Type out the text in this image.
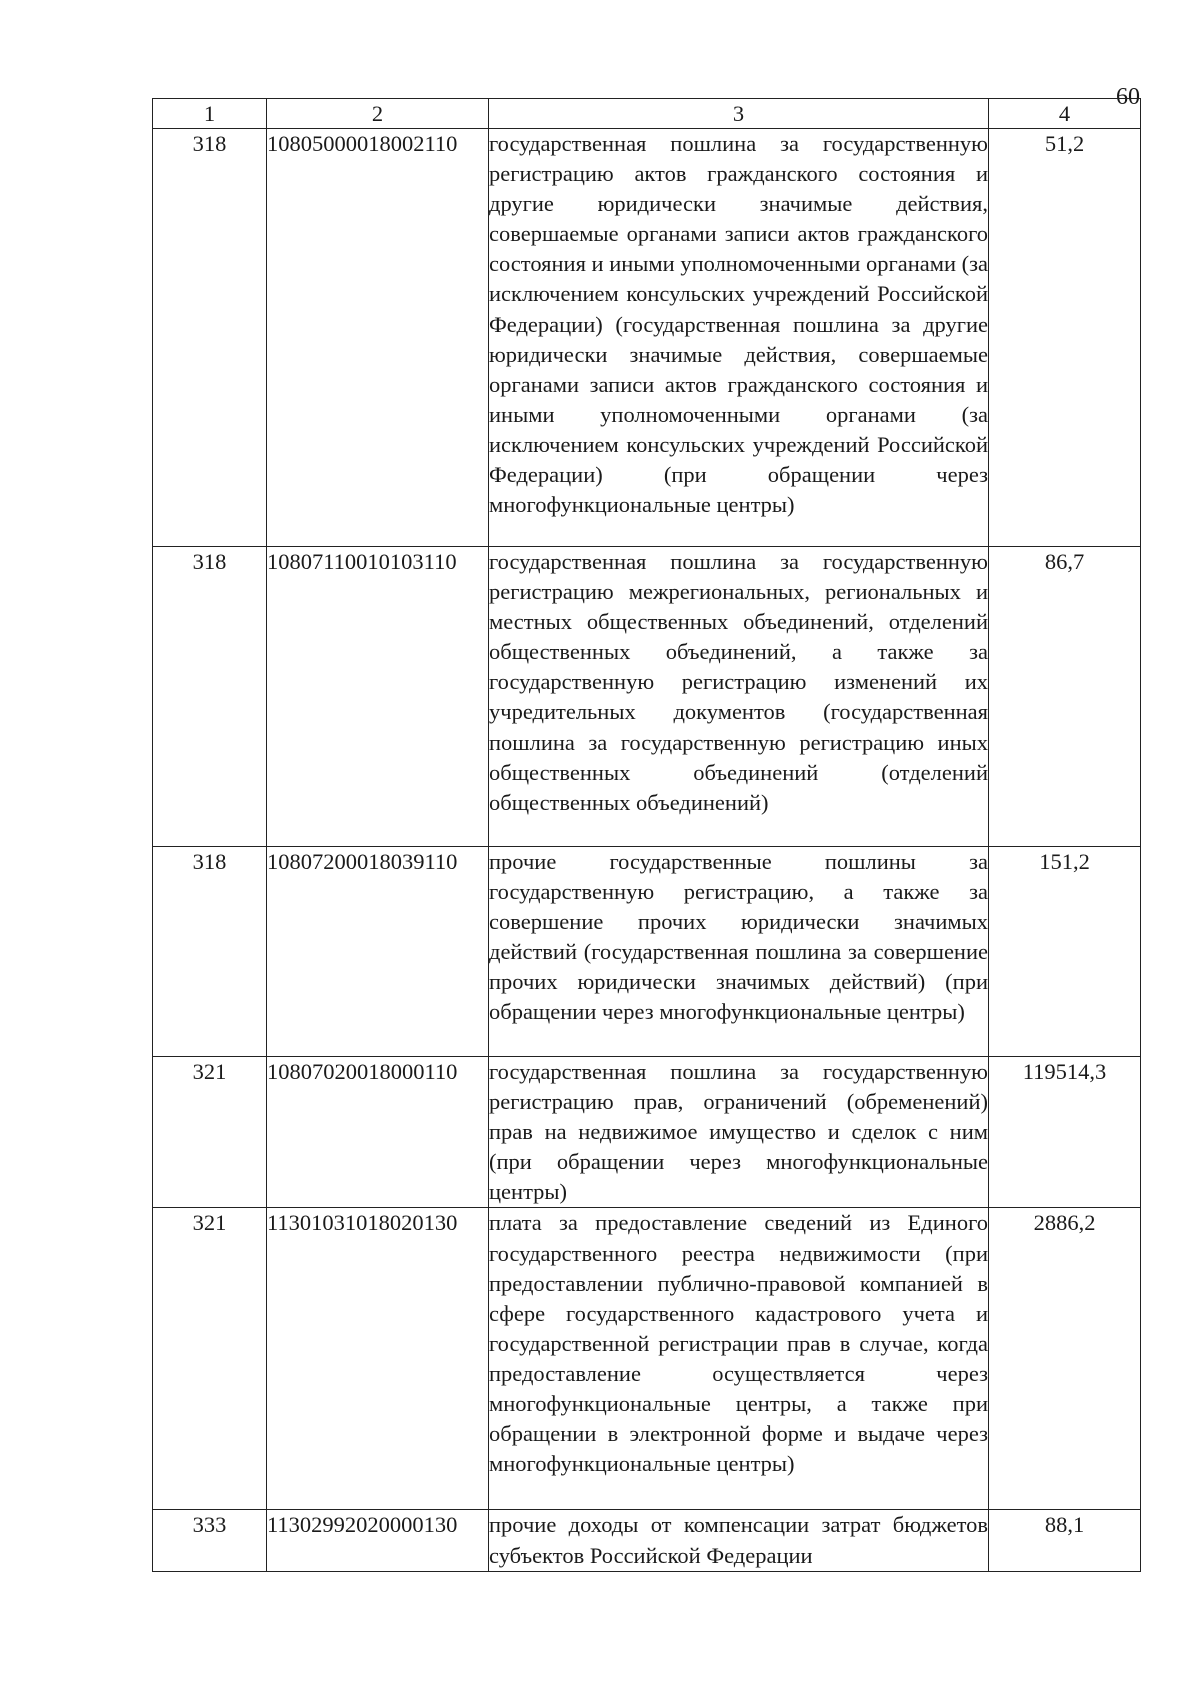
60
1	2	3	4
318	10805000018002110	государственная пошлина за государственную регистрацию актов гражданского состояния и другие юридически значимые действия, совершаемые органами записи актов гражданского состояния и иными уполномоченными органами (за исключением консульских учреждений Российской Федерации) (государственная пошлина за другие юридически значимые действия, совершаемые органами записи актов гражданского состояния и иными уполномоченными органами (за исключением консульских учреждений Российской Федерации) (при обращении через многофункциональные центры)	51,2
318	10807110010103110	государственная пошлина за государственную регистрацию межрегиональных, региональных и местных общественных объединений, отделений общественных объединений, а также за государственную регистрацию изменений их учредительных документов (государственная пошлина за государственную регистрацию иных общественных объединений (отделений общественных объединений)	86,7
318	10807200018039110	прочие государственные пошлины за государственную регистрацию, а также за совершение прочих юридически значимых действий (государственная пошлина за совершение прочих юридически значимых действий) (при обращении через многофункциональные центры)	151,2
321	10807020018000110	государственная пошлина за государственную регистрацию прав, ограничений (обременений) прав на недвижимое имущество и сделок с ним (при обращении через многофункциональные центры)	119514,3
321	11301031018020130	плата за предоставление сведений из Единого государственного реестра недвижимости (при предоставлении публично-правовой компанией в сфере государственного кадастрового учета и государственной регистрации прав в случае, когда предоставление осуществляется через многофункциональные центры, а также при обращении в электронной форме и выдаче через многофункциональные центры)	2886,2
333	11302992020000130	прочие доходы от компенсации затрат бюджетов субъектов Российской Федерации	88,1
